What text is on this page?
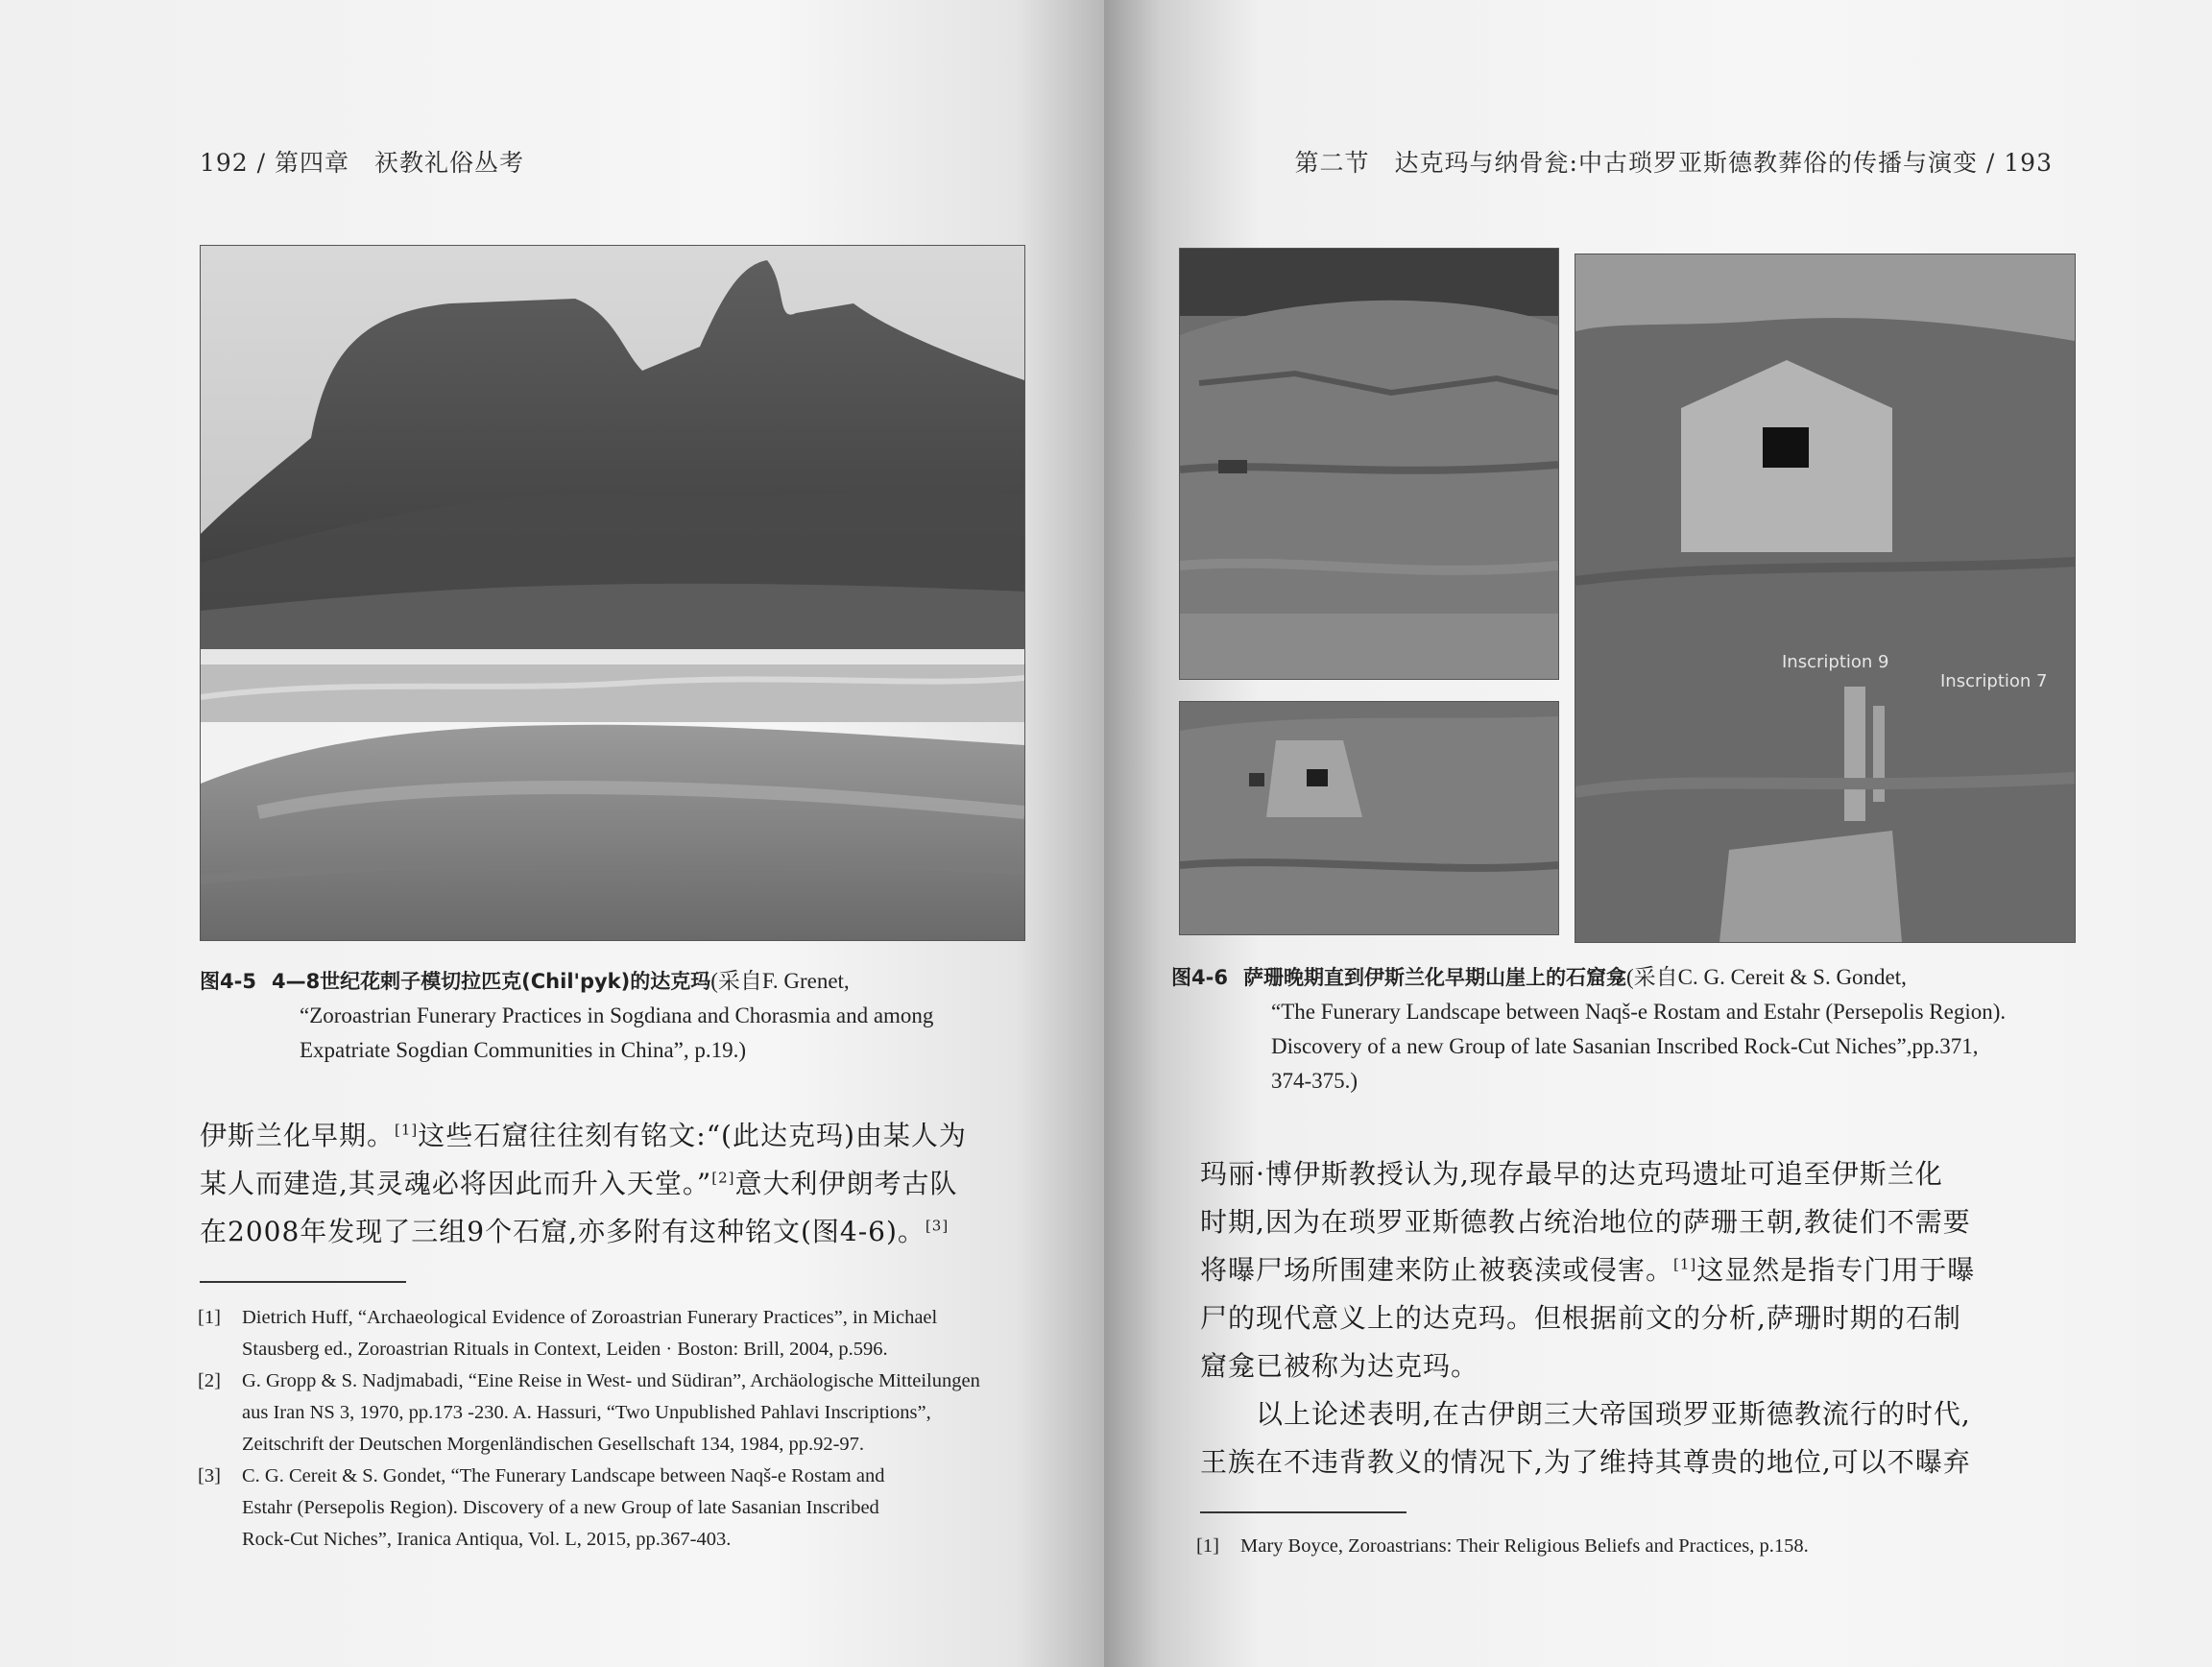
192 / 第四章　祆教礼俗丛考
图4-5 4—8世纪花剌子模切拉匹克(Chil'pyk)的达克玛(采自F. Grenet,
“Zoroastrian Funerary Practices in Sogdiana and Chorasmia and among
Expatriate Sogdian Communities in China”, p.19.)

伊斯兰化早期。[1]这些石窟往往刻有铭文:“(此达克玛)由某人为

某人而建造,其灵魂必将因此而升入天堂。”[2]意大利伊朗考古队

在2008年发现了三组9个石窟,亦多附有这种铭文(图4-6)。[3]

[1]	Dietrich Huff, “Archaeological Evidence of Zoroastrian Funerary Practices”, in Michael
Stausberg ed., Zoroastrian Rituals in Context, Leiden · Boston: Brill, 2004, p.596.
[2]	G. Gropp & S. Nadjmabadi, “Eine Reise in West- und Südiran”, Archäologische Mitteilungen
aus Iran NS 3, 1970, pp.173 -230. A. Hassuri, “Two Unpublished Pahlavi Inscriptions”,
Zeitschrift der Deutschen Morgenländischen Gesellschaft 134, 1984, pp.92-97.
[3]	C. G. Cereit & S. Gondet, “The Funerary Landscape between Naqš-e Rostam and
Estahr (Persepolis Region). Discovery of a new Group of late Sasanian Inscribed
Rock-Cut Niches”, Iranica Antiqua, Vol. L, 2015, pp.367-403.
第二节　达克玛与纳骨瓮:中古琐罗亚斯德教葬俗的传播与演变 / 193
Inscription 9
Inscription 7
图4-6 萨珊晚期直到伊斯兰化早期山崖上的石窟龛(采自C. G. Cereit & S. Gondet,
“The Funerary Landscape between Naqš-e Rostam and Estahr (Persepolis Region).
Discovery of a new Group of late Sasanian Inscribed Rock-Cut Niches”,pp.371,
374-375.)

玛丽·博伊斯教授认为,现存最早的达克玛遗址可追至伊斯兰化

时期,因为在琐罗亚斯德教占统治地位的萨珊王朝,教徒们不需要

将曝尸场所围建来防止被亵渎或侵害。[1]这显然是指专门用于曝

尸的现代意义上的达克玛。但根据前文的分析,萨珊时期的石制

窟龛已被称为达克玛。

　　以上论述表明,在古伊朗三大帝国琐罗亚斯德教流行的时代,

王族在不违背教义的情况下,为了维持其尊贵的地位,可以不曝弃

[1]	Mary Boyce, Zoroastrians: Their Religious Beliefs and Practices, p.158.
